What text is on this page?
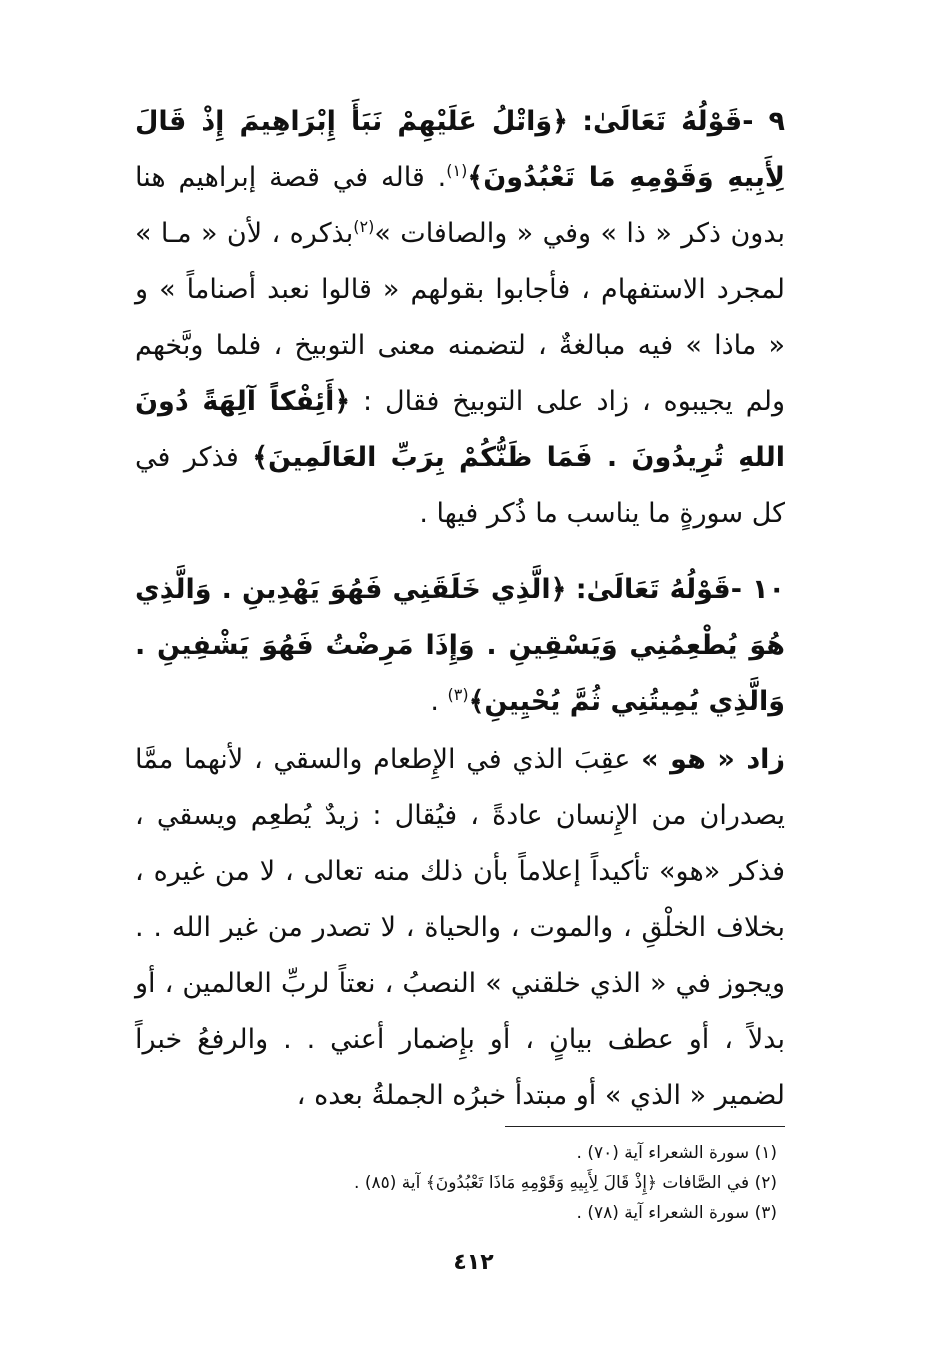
٩ -قَوْلُهُ تَعَالَىٰ: ﴿وَاتْلُ عَلَيْهِمْ نَبَأَ إِبْرَاهِيمَ إِذْ قَالَ لِأَبِيهِ وَقَوْمِهِ مَا تَعْبُدُونَ﴾$^{(١)}$. قاله في قصة إبراهيم هنا بدون ذكر « ذا » وفي « والصافات »$^{(٢)}$بذكره ، لأن « مـا » لمجرد الاستفهام ، فأجابوا بقولهم « قالوا نعبد أصناماً » و « ماذا » فيه مبالغةٌ ، لتضمنه معنى التوبيخ ، فلما وبَّخهم ولم يجيبوه ، زاد على التوبيخ فقال : ﴿أَئِفْكاً آلِهَةً دُونَ اللهِ تُرِيدُونَ . فَمَا ظَنُّكُمْ بِرَبِّ العَالَمِينَ﴾ فذكر في كل سورةٍ ما يناسب ما ذُكر فيها .

١٠ -قَوْلُهُ تَعَالَىٰ: ﴿الَّذِي خَلَقَنِي فَهُوَ يَهْدِينِ . وَالَّذِي هُوَ يُطْعِمُنِي وَيَسْقِينِ . وَإِذَا مَرِضْتُ فَهُوَ يَشْفِينِ . وَالَّذِي يُمِيتُنِي ثُمَّ يُحْيِينِ﴾$^{(٣)}$ .

زاد « هو » عقِبَ الذي في الإِطعام والسقي ، لأنهما ممَّا يصدران من الإِنسان عادةً ، فيُقال : زيدٌ يُطعِم ويسقي ، فذكر «هو» تأكيداً إعلاماً بأن ذلك منه تعالى ، لا من غيره ، بخلاف الخلْقِ ، والموت ، والحياة ، لا تصدر من غير الله . . ويجوز في « الذي خلقني » النصبُ ، نعتاً لربِّ العالمين ، أو بدلاً ، أو عطف بيانٍ ، أو بإِضمار أعني . . والرفعُ خبراً لضمير « الذي » أو مبتدأ خبرُه الجملةُ بعده ،

(١) سورة الشعراء آية (٧٠) .
(٢) في الصَّافات ﴿إِذْ قَالَ لِأَبِيهِ وَقَوْمِهِ مَاذَا تَعْبُدُونَ﴾ آية (٨٥) .
(٣) سورة الشعراء آية (٧٨) .
٤١٢
